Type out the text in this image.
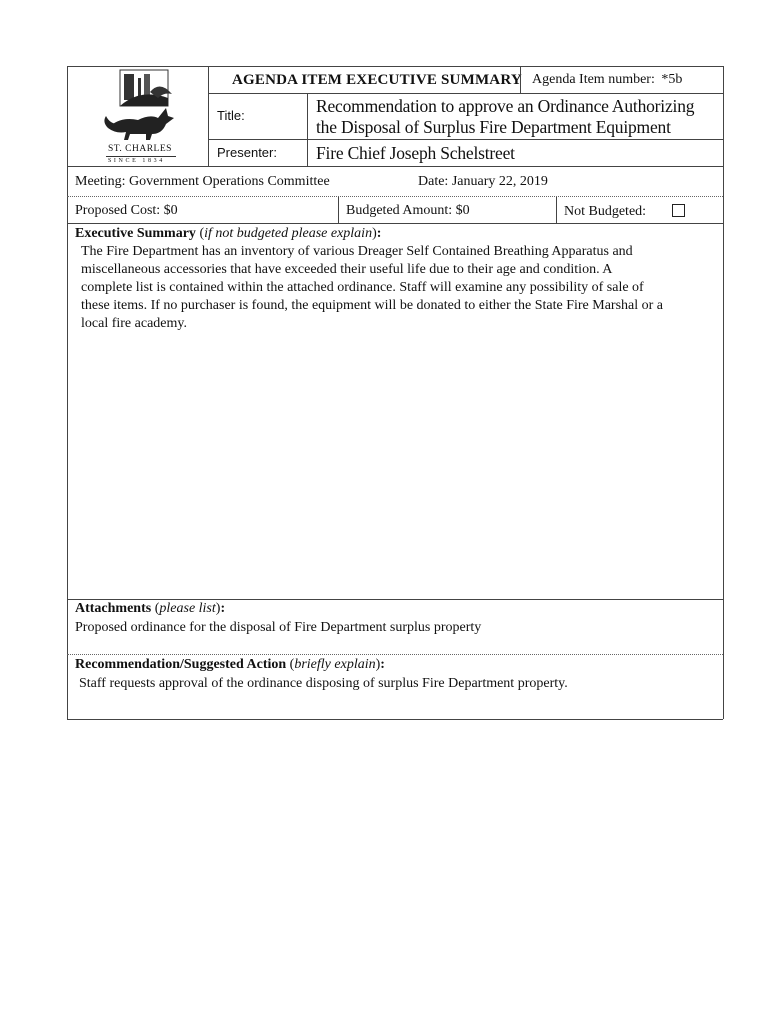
ST. CHARLES
SINCE 1834
AGENDA ITEM EXECUTIVE SUMMARY Agenda Item number: *5b
Title:	Recommendation to approve an Ordinance Authorizing
the Disposal of Surplus Fire Department Equipment
Presenter: Fire Chief Joseph Schelstreet
Meeting: Government Operations Committee	Date: January 22, 2019
Proposed Cost: $0	Budgeted Amount: $0	Not Budgeted:
Executive Summary (if not budgeted please explain):
The Fire Department has an inventory of various Dreager Self Contained Breathing Apparatus and
miscellaneous accessories that have exceeded their useful life due to their age and condition. A
complete list is contained within the attached ordinance. Staff will examine any possibility of sale of
these items. If no purchaser is found, the equipment will be donated to either the State Fire Marshal or a
local fire academy.
Attachments (please list):
Proposed ordinance for the disposal of Fire Department surplus property
Recommendation/Suggested Action (briefly explain):
Staff requests approval of the ordinance disposing of surplus Fire Department property.
